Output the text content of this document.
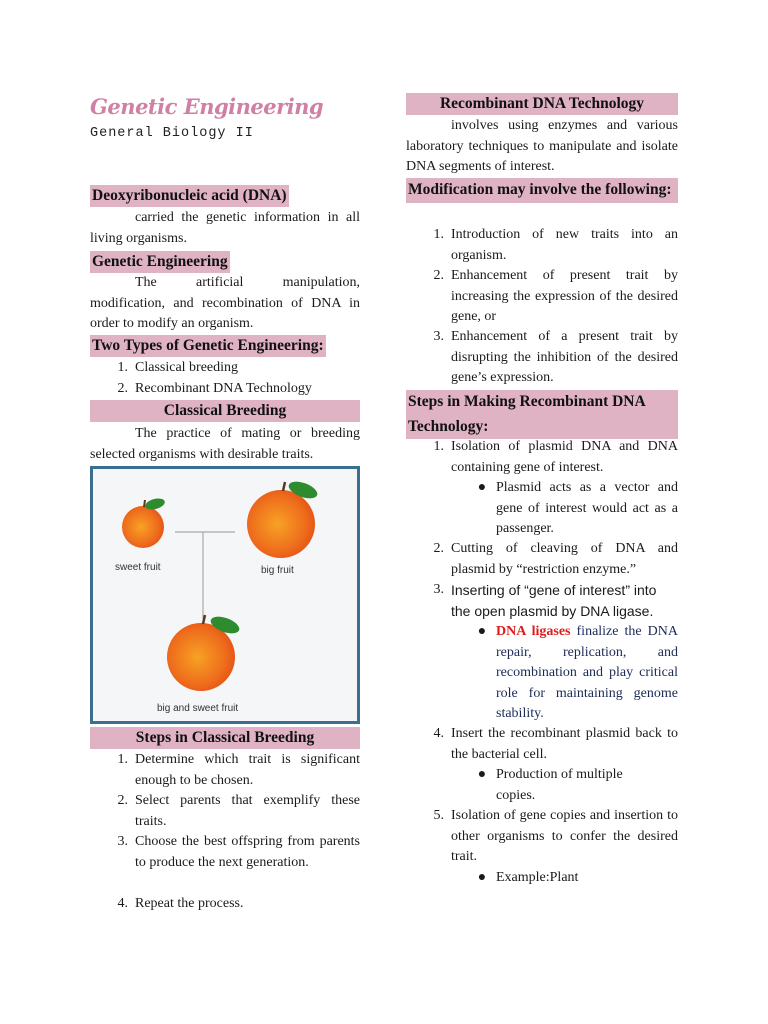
Genetic Engineering
General Biology II
Deoxyribonucleic acid (DNA)
carried the genetic information in all living organisms.
Genetic Engineering
The artificial manipulation, modification, and recombination of DNA in order to modify an organism.
Two Types of Genetic Engineering:
1. Classical breeding
2. Recombinant DNA Technology
Classical Breeding
The practice of mating or breeding selected organisms with desirable traits.
sweet fruit	big fruit
big and sweet fruit
Steps in Classical Breeding
1. Determine which trait is significant enough to be chosen.
2. Select parents that exemplify these traits.
3. Choose the best offspring from parents to produce the next generation.
4. Repeat the process.
Recombinant DNA Technology
involves using enzymes and various laboratory techniques to manipulate and isolate DNA segments of interest.
Modification may involve the following:
1. Introduction of new traits into an organism.
2. Enhancement of present trait by increasing the expression of the desired gene, or
3. Enhancement of a present trait by disrupting the inhibition of the desired gene’s expression.
Steps in Making Recombinant DNA Technology:
1. Isolation of plasmid DNA and DNA containing gene of interest.
● Plasmid acts as a vector and gene of interest would act as a passenger.
2. Cutting of cleaving of DNA and plasmid by “restriction enzyme.”
3. Inserting of “gene of interest” into the open plasmid by DNA ligase.
● DNA ligases finalize the DNA repair, replication, and recombination and play critical role for maintaining genome stability.
4. Insert the recombinant plasmid back to the bacterial cell.
● Production of multiple copies.
5. Isolation of gene copies and insertion to other organisms to confer the desired trait.
● Example:Plant
